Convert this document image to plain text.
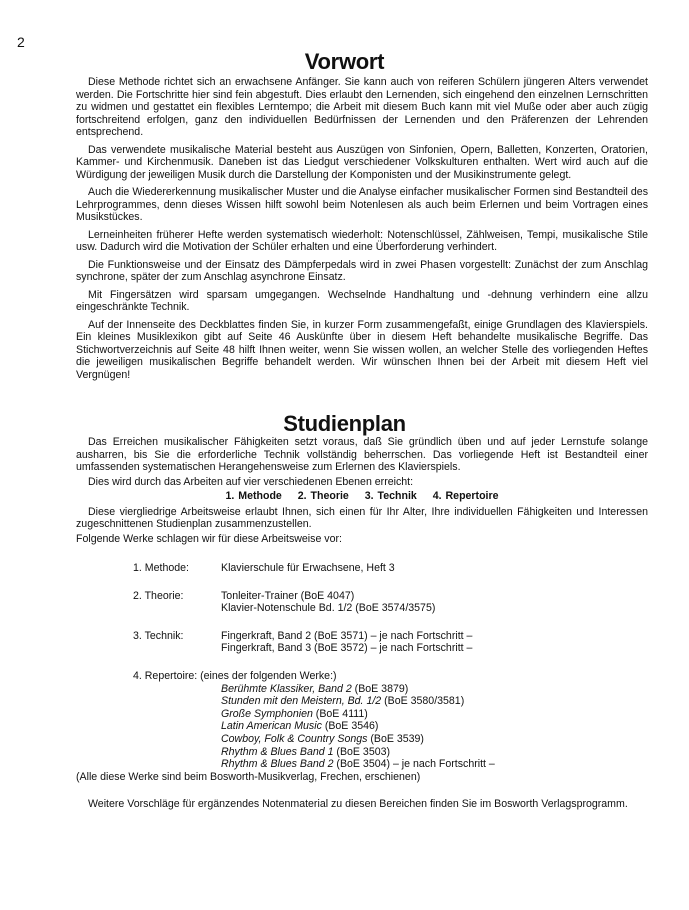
2
Vorwort

Diese Methode richtet sich an erwachsene Anfänger. Sie kann auch von reiferen Schülern jüngeren Alters verwendet werden. Die Fortschritte hier sind fein abgestuft. Dies erlaubt den Lernenden, sich eingehend den einzelnen Lernschritten zu widmen und gestattet ein flexibles Lerntempo; die Arbeit mit diesem Buch kann mit viel Muße oder aber auch zügig fortschreitend erfolgen, ganz den individuellen Bedürfnissen der Lernenden und den Präferenzen der Lehrenden entsprechend.

Das verwendete musikalische Material besteht aus Auszügen von Sinfonien, Opern, Balletten, Konzerten, Oratorien, Kammer- und Kirchenmusik. Daneben ist das Liedgut verschiedener Volkskulturen enthalten. Wert wird auch auf die Würdigung der jeweiligen Musik durch die Darstellung der Komponisten und der Musikinstrumente gelegt.

Auch die Wiedererkennung musikalischer Muster und die Analyse einfacher musikalischer Formen sind Bestandteil des Lehrprogrammes, denn dieses Wissen hilft sowohl beim Notenlesen als auch beim Erlernen und beim Vortragen eines Musikstückes.

Lerneinheiten früherer Hefte werden systematisch wiederholt: Notenschlüssel, Zählweisen, Tempi, musikalische Stile usw. Dadurch wird die Motivation der Schüler erhalten und eine Überforderung verhindert.

Die Funktionsweise und der Einsatz des Dämpferpedals wird in zwei Phasen vorgestellt: Zunächst der zum Anschlag synchrone, später der zum Anschlag asynchrone Einsatz.

Mit Fingersätzen wird sparsam umgegangen. Wechselnde Handhaltung und -dehnung verhindern eine allzu eingeschränkte Technik.

Auf der Innenseite des Deckblattes finden Sie, in kurzer Form zusammengefaßt, einige Grundlagen des Klavierspiels. Ein kleines Musiklexikon gibt auf Seite 46 Auskünfte über in diesem Heft behandelte musikalische Begriffe. Das Stichwortverzeichnis auf Seite 48 hilft Ihnen weiter, wenn Sie wissen wollen, an welcher Stelle des vorliegenden Heftes die jeweiligen musikalischen Begriffe behandelt werden. Wir wünschen Ihnen bei der Arbeit mit diesem Heft viel Vergnügen!

Studienplan

Das Erreichen musikalischer Fähigkeiten setzt voraus, daß Sie gründlich üben und auf jeder Lernstufe solange ausharren, bis Sie die erforderliche Technik vollständig beherrschen. Das vorliegende Heft ist Bestandteil einer umfassenden systematischen Herangehensweise zum Erlernen des Klavierspiels.

Dies wird durch das Arbeiten auf vier verschiedenen Ebenen erreicht:

1. Methode 2. Theorie 3. Technik 4. Repertoire

Diese viergliedrige Arbeitsweise erlaubt Ihnen, sich einen für Ihr Alter, Ihre individuellen Fähigkeiten und Interessen zugeschnittenen Studienplan zusammenzustellen.

Folgende Werke schlagen wir für diese Arbeitsweise vor:

1. Methode:	Klavierschule für Erwachsene, Heft 3
2. Theorie:	Tonleiter-Trainer (BoE 4047)
Klavier-Notenschule Bd. 1/2 (BoE 3574/3575)
3. Technik:	Fingerkraft, Band 2 (BoE 3571) – je nach Fortschritt –
Fingerkraft, Band 3 (BoE 3572) – je nach Fortschritt –
4. Repertoire: (eines der folgenden Werke:)
Berühmte Klassiker, Band 2 (BoE 3879)
Stunden mit den Meistern, Bd. 1/2 (BoE 3580/3581)
Große Symphonien (BoE 4111)
Latin American Music (BoE 3546)
Cowboy, Folk & Country Songs (BoE 3539)
Rhythm & Blues Band 1 (BoE 3503)
Rhythm & Blues Band 2 (BoE 3504) – je nach Fortschritt –
(Alle diese Werke sind beim Bosworth-Musikverlag, Frechen, erschienen)

Weitere Vorschläge für ergänzendes Notenmaterial zu diesen Bereichen finden Sie im Bosworth Verlagsprogramm.
